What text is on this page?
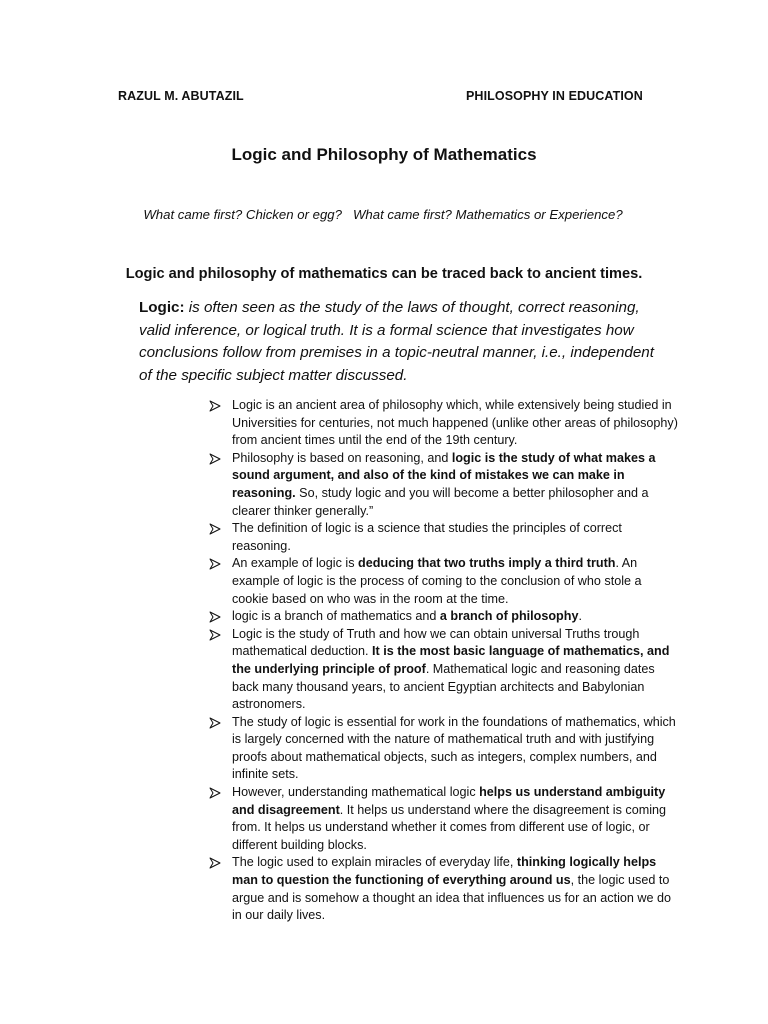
RAZUL M. ABUTAZIL	PHILOSOPHY IN EDUCATION
Logic and Philosophy of Mathematics
What came first? Chicken or egg?   What came first? Mathematics or Experience?
Logic and philosophy of mathematics can be traced back to ancient times.

Logic: is often seen as the study of the laws of thought, correct reasoning, valid inference, or logical truth. It is a formal science that investigates how conclusions follow from premises in a topic-neutral manner, i.e., independent of the specific subject matter discussed.

Logic is an ancient area of philosophy which, while extensively being studied in Universities for centuries, not much happened (unlike other areas of philosophy) from ancient times until the end of the 19th century.
Philosophy is based on reasoning, and logic is the study of what makes a sound argument, and also of the kind of mistakes we can make in reasoning. So, study logic and you will become a better philosopher and a clearer thinker generally.”
The definition of logic is a science that studies the principles of correct reasoning.
An example of logic is deducing that two truths imply a third truth. An example of logic is the process of coming to the conclusion of who stole a cookie based on who was in the room at the time.
logic is a branch of mathematics and a branch of philosophy.
Logic is the study of Truth and how we can obtain universal Truths trough mathematical deduction. It is the most basic language of mathematics, and the underlying principle of proof. Mathematical logic and reasoning dates back many thousand years, to ancient Egyptian architects and Babylonian astronomers.
The study of logic is essential for work in the foundations of mathematics, which is largely concerned with the nature of mathematical truth and with justifying proofs about mathematical objects, such as integers, complex numbers, and infinite sets.
However, understanding mathematical logic helps us understand ambiguity and disagreement. It helps us understand where the disagreement is coming from. It helps us understand whether it comes from different use of logic, or different building blocks.
The logic used to explain miracles of everyday life, thinking logically helps man to question the functioning of everything around us, the logic used to argue and is somehow a thought an idea that influences us for an action we do in our daily lives.
